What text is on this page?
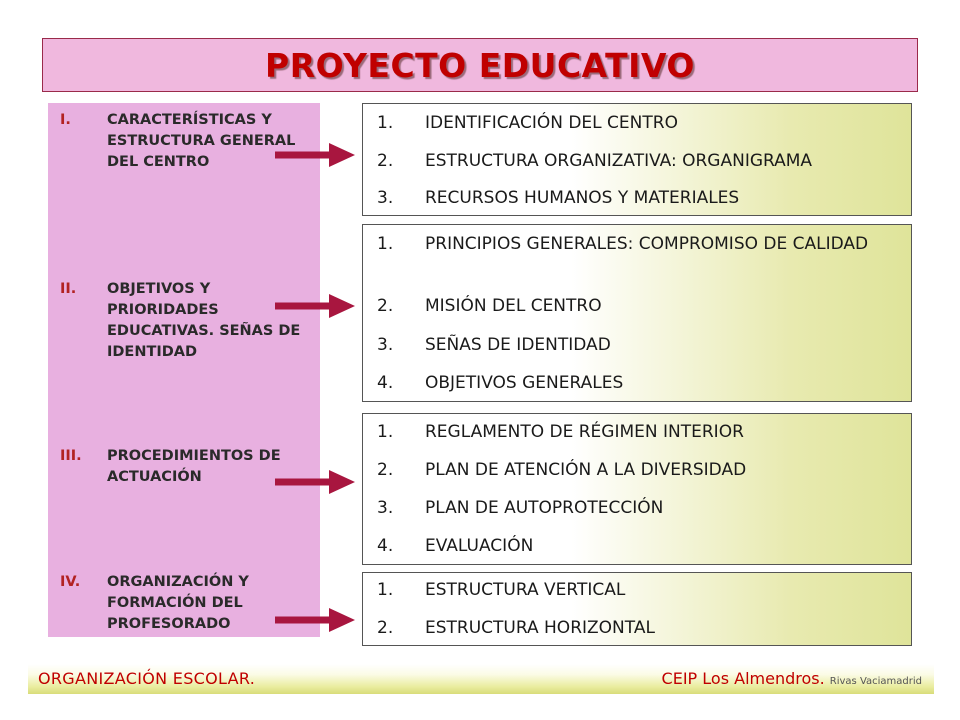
PROYECTO EDUCATIVO
I.	CARACTERÍSTICAS Y ESTRUCTURA GENERAL DEL CENTRO
II.	OBJETIVOS Y PRIORIDADES EDUCATIVAS. SEÑAS DE IDENTIDAD
III.	PROCEDIMIENTOS DE ACTUACIÓN
IV.	ORGANIZACIÓN Y FORMACIÓN DEL PROFESORADO
1.	IDENTIFICACIÓN DEL CENTRO
2.	ESTRUCTURA ORGANIZATIVA: ORGANIGRAMA
3.	RECURSOS HUMANOS Y MATERIALES
1.	PRINCIPIOS GENERALES: COMPROMISO DE CALIDAD
2.	MISIÓN DEL CENTRO
3.	SEÑAS DE IDENTIDAD
4.	OBJETIVOS GENERALES
1.	REGLAMENTO DE RÉGIMEN INTERIOR
2.	PLAN DE ATENCIÓN A LA DIVERSIDAD
3.	PLAN DE AUTOPROTECCIÓN
4.	EVALUACIÓN
1.	ESTRUCTURA VERTICAL
2.	ESTRUCTURA HORIZONTAL
ORGANIZACIÓN ESCOLAR.	CEIP Los Almendros. Rivas Vaciamadrid
